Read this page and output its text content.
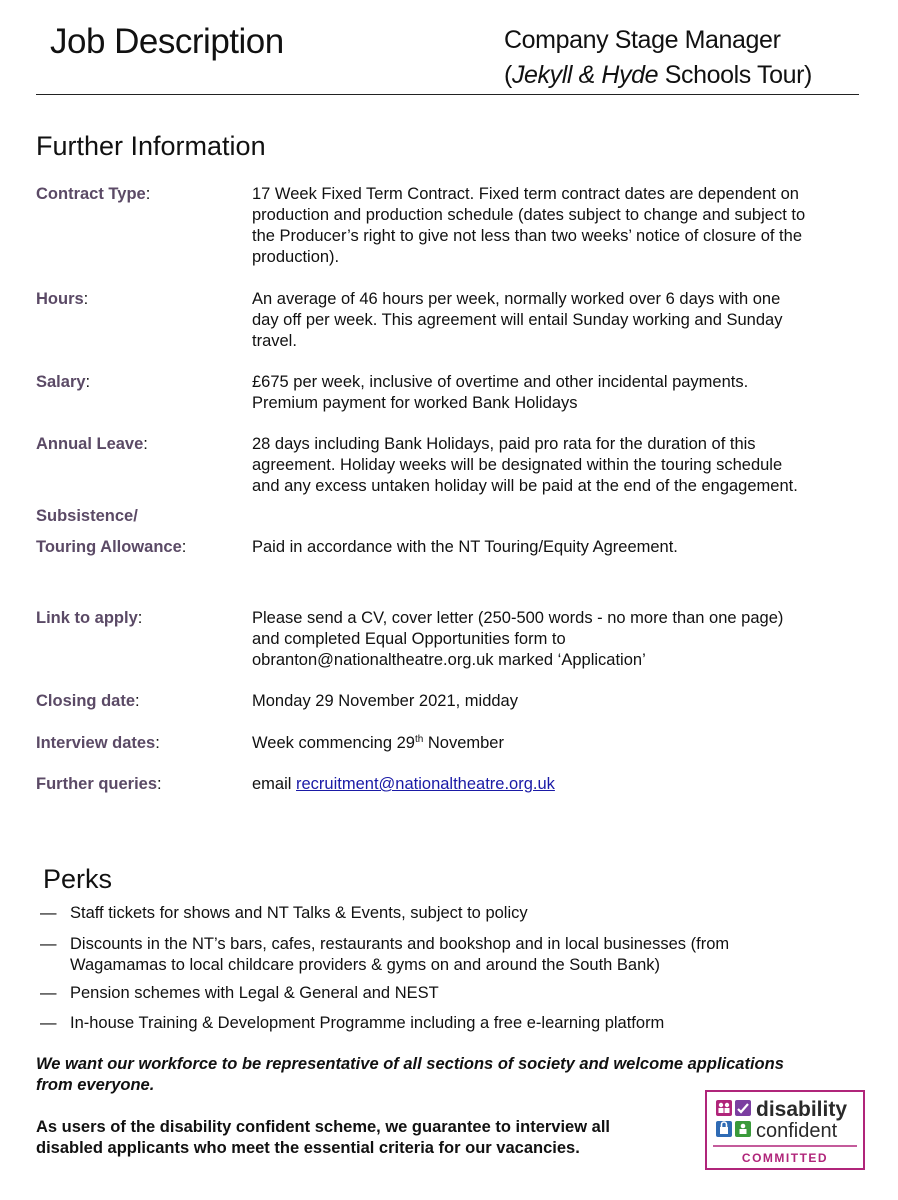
Job Description	Company Stage Manager
(Jekyll & Hyde Schools Tour)
Further Information
Contract Type:	17 Week Fixed Term Contract. Fixed term contract dates are dependent on
production and production schedule (dates subject to change and subject to
the Producer’s right to give not less than two weeks’ notice of closure of the
production).
Hours:	An average of 46 hours per week, normally worked over 6 days with one
day off per week. This agreement will entail Sunday working and Sunday
travel.
Salary:	£675 per week, inclusive of overtime and other incidental payments.
Premium payment for worked Bank Holidays
Annual Leave:	28 days including Bank Holidays, paid pro rata for the duration of this
agreement. Holiday weeks will be designated within the touring schedule
and any excess untaken holiday will be paid at the end of the engagement.
Subsistence/
Touring Allowance:	Paid in accordance with the NT Touring/Equity Agreement.
Link to apply:	Please send a CV, cover letter (250-500 words - no more than one page)
and completed Equal Opportunities form to
obranton@nationaltheatre.org.uk marked ‘Application’
Closing date:	Monday 29 November 2021, midday
Interview dates:	Week commencing 29th November
Further queries:	email recruitment@nationaltheatre.org.uk
Perks
— Staff tickets for shows and NT Talks & Events, subject to policy
— Discounts in the NT’s bars, cafes, restaurants and bookshop and in local businesses (from
Wagamamas to local childcare providers & gyms on and around the South Bank)
— Pension schemes with Legal & General and NEST
— In-house Training & Development Programme including a free e-learning platform
We want our workforce to be representative of all sections of society and welcome applications
from everyone.
As users of the disability confident scheme, we guarantee to interview all
disabled applicants who meet the essential criteria for our vacancies.
disability
confident
COMMITTED
